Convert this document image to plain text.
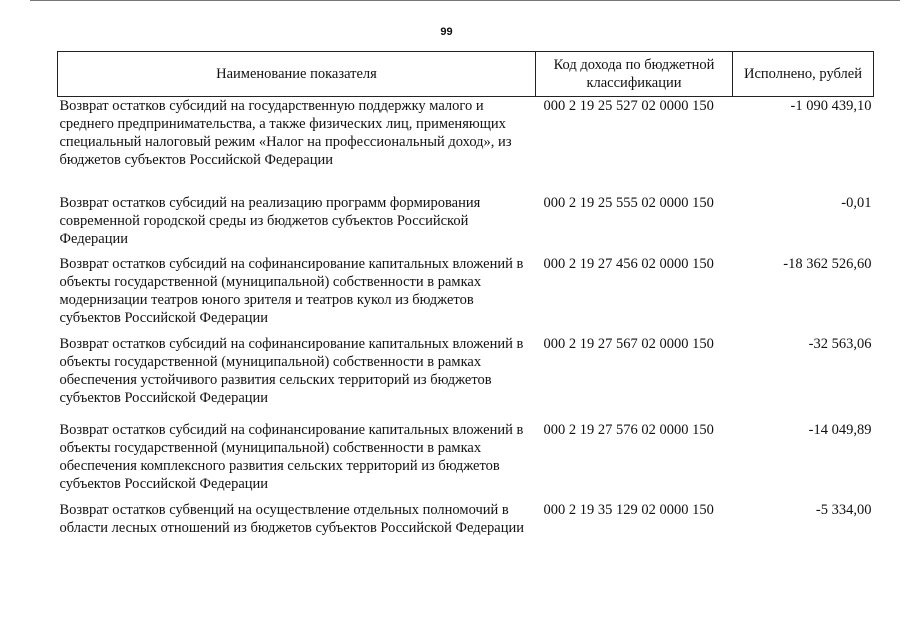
99
Наименование показателя	Код дохода по бюджетной классификации	Исполнено, рублей
Возврат остатков субсидий на государственную поддержку малого и среднего предпринимательства, а также физических лиц, применяющих специальный налоговый режим «Налог на профессиональный доход», из бюджетов субъектов Российской Федерации	000 2 19 25 527 02 0000 150	-1 090 439,10
Возврат остатков субсидий на реализацию программ формирования современной городской среды из бюджетов субъектов Российской Федерации	000 2 19 25 555 02 0000 150	-0,01
Возврат остатков субсидий на софинансирование капитальных вложений в объекты государственной (муниципальной) собственности в рамках модернизации театров юного зрителя и театров кукол из бюджетов субъектов Российской Федерации	000 2 19 27 456 02 0000 150	-18 362 526,60
Возврат остатков субсидий на софинансирование капитальных вложений в объекты государственной (муниципальной) собственности в рамках обеспечения устойчивого развития сельских территорий из бюджетов субъектов Российской Федерации	000 2 19 27 567 02 0000 150	-32 563,06
Возврат остатков субсидий на софинансирование капитальных вложений в объекты государственной (муниципальной) собственности в рамках обеспечения комплексного развития сельских территорий из бюджетов субъектов Российской Федерации	000 2 19 27 576 02 0000 150	-14 049,89
Возврат остатков субвенций на осуществление отдельных полномочий в области лесных отношений из бюджетов субъектов Российской Федерации	000 2 19 35 129 02 0000 150	-5 334,00
